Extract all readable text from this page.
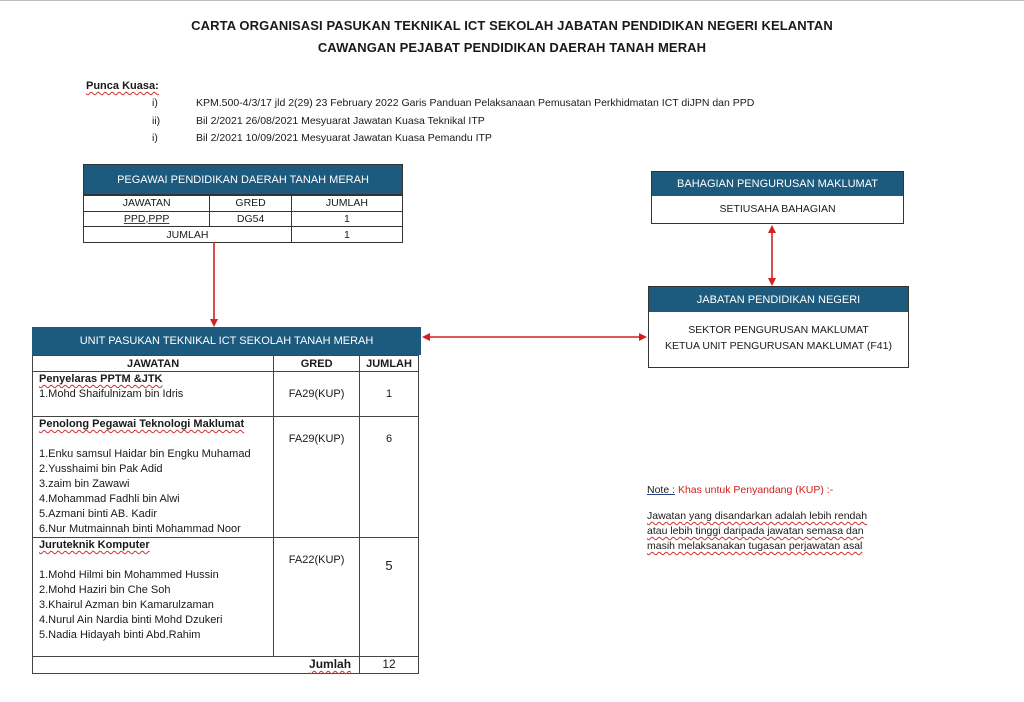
CARTA ORGANISASI PASUKAN TEKNIKAL ICT SEKOLAH JABATAN PENDIDIKAN NEGERI KELANTAN
CAWANGAN PEJABAT PENDIDIKAN DAERAH TANAH MERAH
Punca Kuasa:
i)	KPM.500-4/3/17 jld 2(29) 23 February 2022 Garis Panduan Pelaksanaan Pemusatan Perkhidmatan ICT diJPN dan PPD
ii)	Bil 2/2021 26/08/2021 Mesyuarat Jawatan Kuasa Teknikal ITP
i)	Bil 2/2021 10/09/2021 Mesyuarat Jawatan Kuasa Pemandu ITP
PEGAWAI PENDIDIKAN DAERAH TANAH MERAH
JAWATAN	GRED	JUMLAH
PPD,PPP	DG54	1
JUMLAH		1
BAHAGIAN PENGURUSAN MAKLUMAT
SETIUSAHA BAHAGIAN
JABATAN PENDIDIKAN NEGERI
SEKTOR PENGURUSAN MAKLUMAT
KETUA UNIT PENGURUSAN MAKLUMAT (F41)
UNIT PASUKAN TEKNIKAL ICT SEKOLAH TANAH MERAH
JAWATAN	GRED	JUMLAH

Penyelaras PPTM &JTK
1.Mohd Shaifulnizam bin Idris	FA29(KUP)	1

Penolong Pegawai Teknologi Maklumat
1.Enku samsul Haidar bin Engku Muhamad
2.Yusshaimi bin Pak Adid
3.zaim bin Zawawi
4.Mohammad Fadhli bin Alwi
5.Azmani binti AB. Kadir
6.Nur Mutmainnah binti Mohammad Noor
	FA29(KUP)	6

Juruteknik Komputer
1.Mohd Hilmi bin Mohammed Hussin
2.Mohd Haziri bin Che Soh
3.Khairul Azman bin Kamarulzaman
4.Nurul Ain Nardia binti Mohd Dzukeri
5.Nadia Hidayah binti Abd.Rahim
	FA22(KUP)	5
Jumlah		12
Note : Khas untuk Penyandang (KUP) :-
Jawatan yang disandarkan adalah lebih rendah atau lebih tinggi daripada jawatan semasa dan masih melaksanakan tugasan perjawatan asal
